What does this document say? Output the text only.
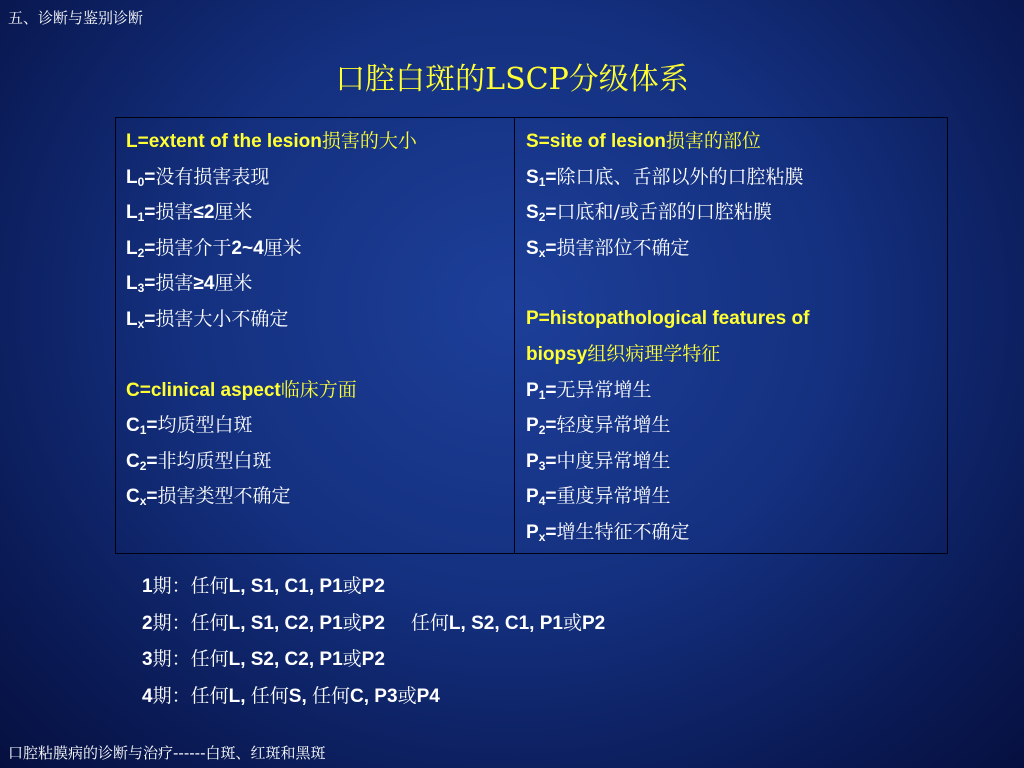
五、诊断与鉴别诊断
口腔白斑的LSCP分级体系
L=extent of the lesion损害的大小
$L_0=$没有损害表现
$L_1=$损害≤2厘米
$L_2=$损害介于2~4厘米
$L_3=$损害≥4厘米
$L_x=$损害大小不确定
C=clinical aspect临床方面
$C_1=$均质型白斑
$C_2=$非均质型白斑
$C_x=$损害类型不确定
S=site of lesion损害的部位
$S_1=$除口底、舌部以外的口腔粘膜
$S_2=$口底和/或舌部的口腔粘膜
$S_x=$损害部位不确定
P=histopathological features of
biopsy组织病理学特征
$P_1=$无异常增生
$P_2=$轻度异常增生
$P_3=$中度异常增生
$P_4=$重度异常增生
$P_x=$增生特征不确定
1期：任何L, S1, C1, P1或P2
2期：任何L, S1, C2, P1或P2 任何L, S2, C1, P1或P2
3期：任何L, S2, C2, P1或P2
4期：任何L, 任何S, 任何C, P3或P4
口腔粘膜病的诊断与治疗------白斑、红斑和黑斑
